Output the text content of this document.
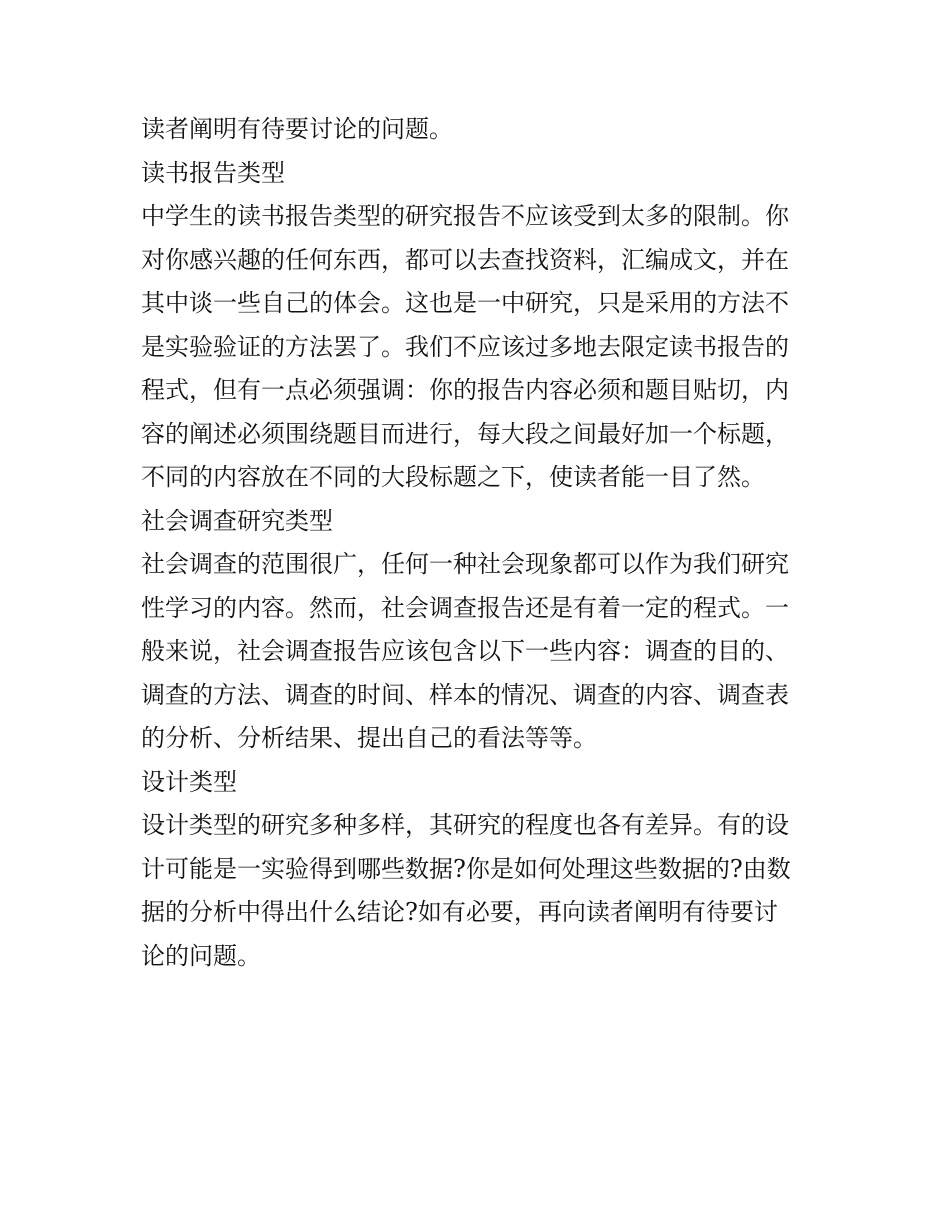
读者阐明有待要讨论的问题。

读书报告类型

中学生的读书报告类型的研究报告不应该受到太多的限制。你

对你感兴趣的任何东西，都可以去查找资料，汇编成文，并在

其中谈一些自己的体会。这也是一中研究，只是采用的方法不

是实验验证的方法罢了。我们不应该过多地去限定读书报告的

程式，但有一点必须强调：你的报告内容必须和题目贴切，内

容的阐述必须围绕题目而进行，每大段之间最好加一个标题，

不同的内容放在不同的大段标题之下，使读者能一目了然。

社会调查研究类型

社会调查的范围很广，任何一种社会现象都可以作为我们研究

性学习的内容。然而，社会调查报告还是有着一定的程式。一

般来说，社会调查报告应该包含以下一些内容：调查的目的、

调查的方法、调查的时间、样本的情况、调查的内容、调查表

的分析、分析结果、提出自己的看法等等。

设计类型

设计类型的研究多种多样，其研究的程度也各有差异。有的设

计可能是一实验得到哪些数据?你是如何处理这些数据的?由数

据的分析中得出什么结论?如有必要，再向读者阐明有待要讨

论的问题。
